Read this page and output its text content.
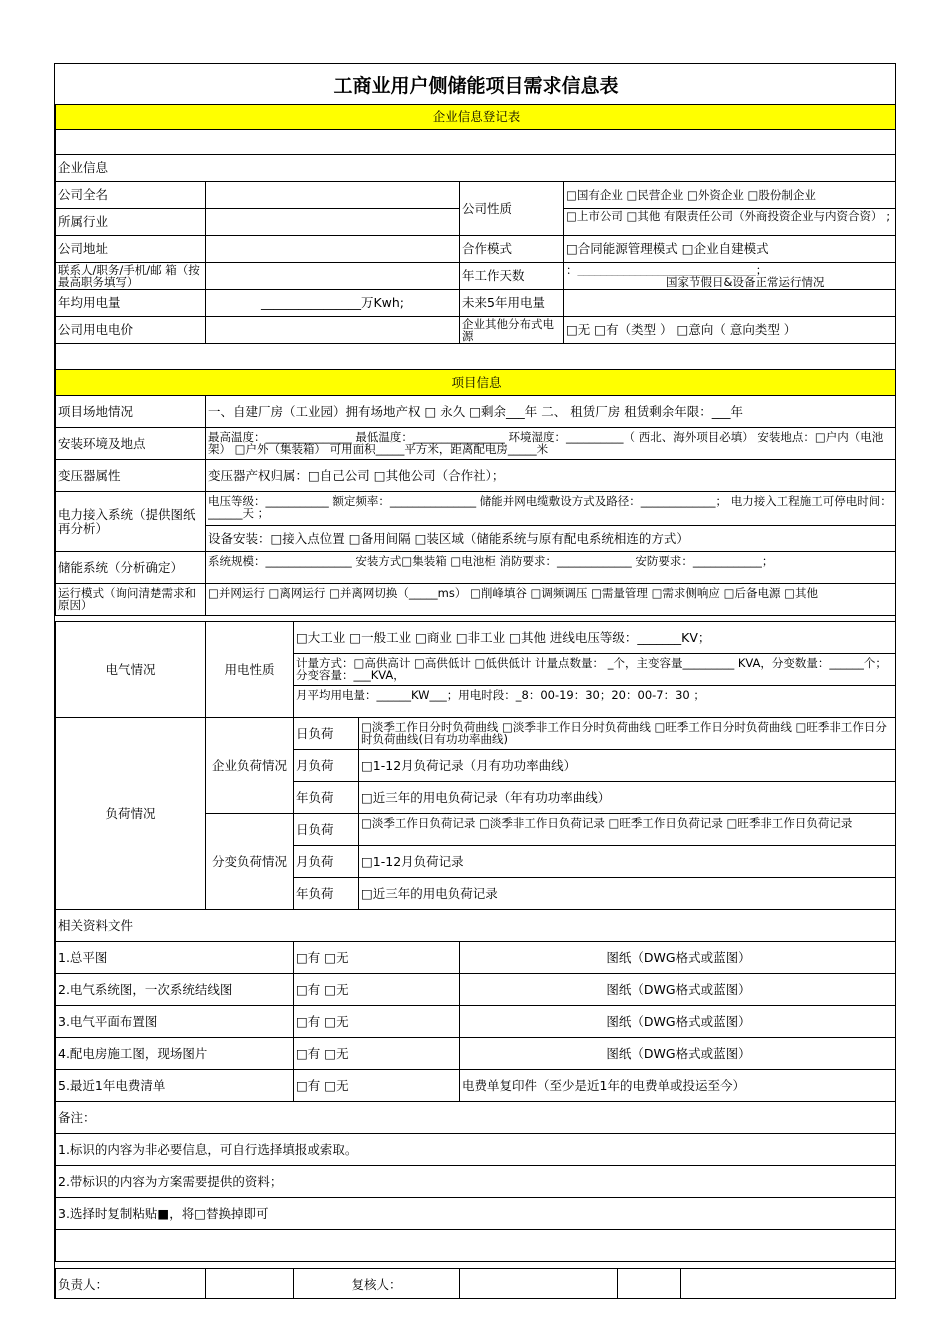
工商业用户侧储能项目需求信息表
企业信息登记表			

企业信息			
公司全名		公司性质	□国有企业 □民营企业 □外资企业 □股份制企业
所属行业			□上市公司 □其他 有限责任公司（外商投资企业与内资合资） ;

公司地址		合作模式	□合同能源管理模式 □企业自建模式

联系人/职务/手机/邮 箱（按最高职务填写）		年工作天数	：_______________________________；
国家节假日&设备正常运行情况

年均用电量	________________万Kwh;	未来5年用电量	
公司用电电价		企业其他分布式电源	□无 □有（类型 ） □意向（ 意向类型 ）

项目信息	
项目场地情况	一、自建厂房（工业园）拥有场地产权 □ 永久 □剩余___年 二、 租赁厂房 租赁剩余年限：___年
安装环境及地点	最高温度：_______________ 最低温度：________________ 环境湿度：__________（ 西北、海外项目必填） 安装地点：□户内（电池架） □户外（集装箱） 可用面积_____平方米，距离配电房_____米

变压器属性	变压器产权归属：□自己公司 □其他公司（合作社）；
电力接入系统（提供图纸再分析）	电压等级：___________ 额定频率：_______________ 储能并网电缆敷设方式及路径：_____________； 电力接入工程施工可停电时间：______天 ；

	设备安装：□接入点位置 □备用间隔 □装区域（储能系统与原有配电系统相连的方式）
储能系统（分析确定）	系统规模：_______________ 安装方式□集装箱 □电池柜 消防要求：_____________ 安防要求：____________；

运行模式（询问清楚需求和原因）	□并网运行 □离网运行 □并离网切换（_____ms） □削峰填谷 □调频调压 □需量管理 □需求侧响应 □后备电源 □其他
电气情况	用电性质	□大工业 □一般工业 □商业 □非工业 □其他 进线电压等级：_______KV；	

		计量方式：□高供高计 □高供低计 □低供低计 计量点数量： _个，主变容量_________ KVA，分变数量：______个； 分变容量：___KVA，	

		月平均用电量：______KW___；用电时段：_8：00-19：30；20：00-7：30 ；	

负荷情况	企业负荷情况	日负荷	□淡季工作日分时负荷曲线 □淡季非工作日分时负荷曲线 □旺季工作日分时负荷曲线 □旺季非工作日分时负荷曲线(日有功功率曲线)

		月负荷	□1-12月负荷记录（月有功功率曲线）
		年负荷	□近三年的用电负荷记录（年有功功率曲线）
	分变负荷情况	日负荷	□淡季工作日负荷记录 □淡季非工作日负荷记录 □旺季工作日负荷记录 □旺季非工作日负荷记录

		月负荷	□1-12月负荷记录
		年负荷	□近三年的用电负荷记录
相关资料文件		
1.总平图	□有 □无	图纸（DWG格式或蓝图）
2.电气系统图，一次系统结线图	□有 □无	图纸（DWG格式或蓝图）
3.电气平面布置图	□有 □无	图纸（DWG格式或蓝图）
4.配电房施工图，现场图片	□有 □无	图纸（DWG格式或蓝图）
5.最近1年电费清单	□有 □无	电费单复印件（至少是近1年的电费单或投运至今）
备注：		
1.标识的内容为非必要信息，可自行选择填报或索取。		
2.带标识的内容为方案需要提供的资料；		
3.选择时复制粘贴■，将□替换掉即可		

负责人：		复核人：			
